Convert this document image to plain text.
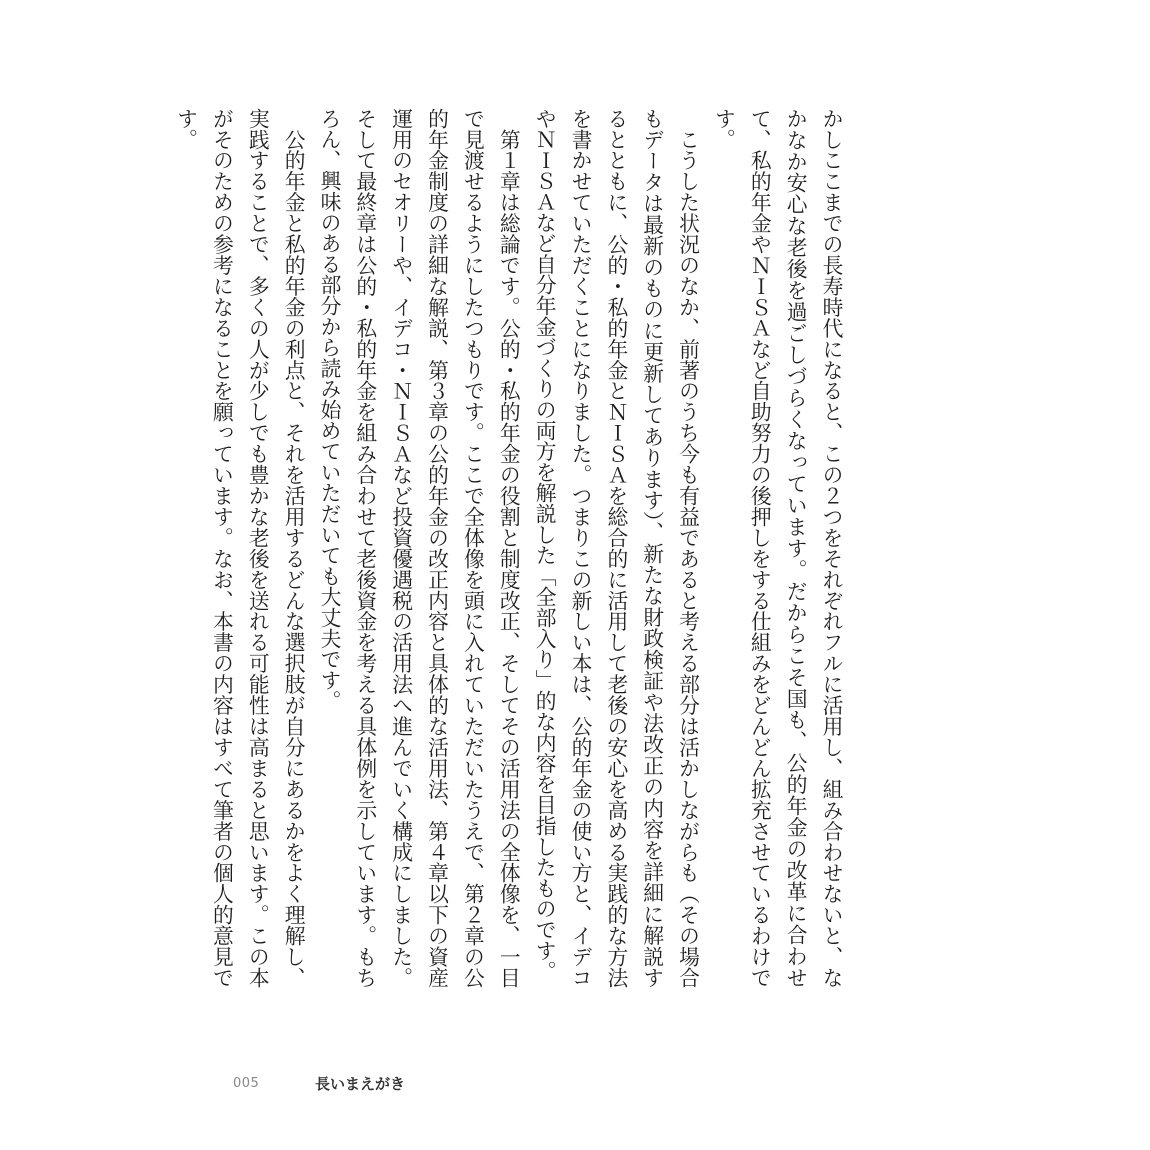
かしここまでの長寿時代になると、この２つをそれぞれフルに活用し、組み合わせないと、なかなか安心な老後を過ごしづらくなっています。だからこそ国も、公的年金の改革に合わせて、私的年金やＮＩＳＡなど自助努力の後押しをする仕組みをどんどん拡充させているわけです。

　こうした状況のなか、前著のうち今も有益であると考える部分は活かしながらも（その場合もデータは最新のものに更新してあります）、新たな財政検証や法改正の内容を詳細に解説するとともに、公的・私的年金とＮＩＳＡを総合的に活用して老後の安心を高める実践的な方法を書かせていただくことになりました。つまりこの新しい本は、公的年金の使い方と、イデコやＮＩＳＡなど自分年金づくりの両方を解説した「全部入り」的な内容を目指したものです。

　第１章は総論です。公的・私的年金の役割と制度改正、そしてその活用法の全体像を、一目で見渡せるようにしたつもりです。ここで全体像を頭に入れていただいたうえで、第２章の公的年金制度の詳細な解説、第３章の公的年金の改正内容と具体的な活用法、第４章以下の資産運用のセオリーや、イデコ・ＮＩＳＡなど投資優遇税の活用法へ進んでいく構成にしました。そして最終章は公的・私的年金を組み合わせて老後資金を考える具体例を示しています。もちろん、興味のある部分から読み始めていただいても大丈夫です。

　公的年金と私的年金の利点と、それを活用するどんな選択肢が自分にあるかをよく理解し、実践することで、多くの人が少しでも豊かな老後を送れる可能性は高まると思います。この本がそのための参考になることを願っています。なお、本書の内容はすべて筆者の個人的意見です。

005	長いまえがき
